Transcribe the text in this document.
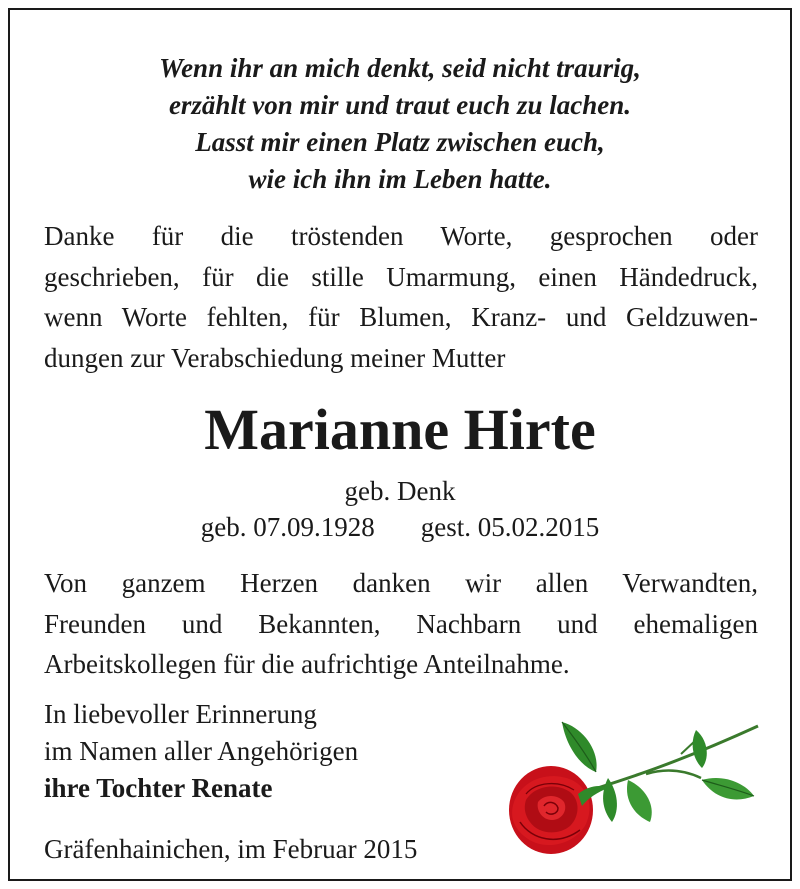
Wenn ihr an mich denkt, seid nicht traurig,
erzählt von mir und traut euch zu lachen.
Lasst mir einen Platz zwischen euch,
wie ich ihn im Leben hatte.
Danke für die tröstenden Worte, gesprochen oder
geschrieben, für die stille Umarmung, einen Händedruck,
wenn Worte fehlten, für Blumen, Kranz- und Geldzuwen-
dungen zur Verabschiedung meiner Mutter
Marianne Hirte
geb. Denk
geb. 07.09.1928 gest. 05.02.2015
Von ganzem Herzen danken wir allen Verwandten,
Freunden und Bekannten, Nachbarn und ehemaligen
Arbeitskollegen für die aufrichtige Anteilnahme.
In liebevoller Erinnerung
im Namen aller Angehörigen
ihre Tochter Renate
Gräfenhainichen, im Februar 2015
